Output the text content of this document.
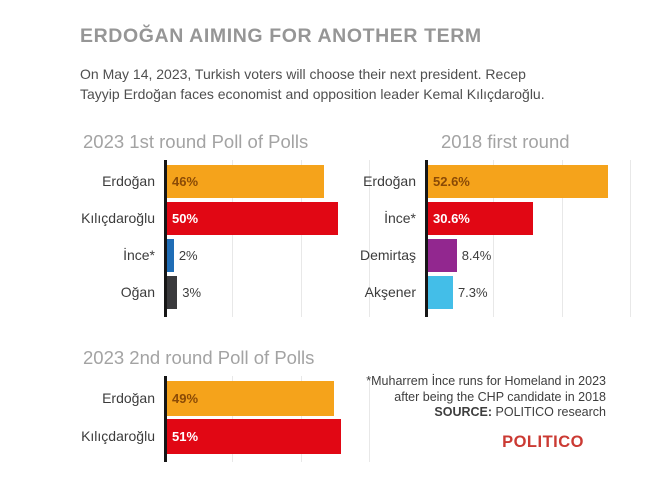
ERDOĞAN AIMING FOR ANOTHER TERM
On May 14, 2023, Turkish voters will choose their next president. Recep
Tayyip Erdoğan faces economist and opposition leader Kemal Kılıçdaroğlu.
2023 1st round Poll of Polls
Erdoğan	46%
Kılıçdaroğlu	50%
İnce*	2%
Oğan	3%
2018 first round
Erdoğan	52.6%
İnce*	30.6%
Demirtaş	8.4%
Akşener	7.3%
2023 2nd round Poll of Polls
Erdoğan	49%
Kılıçdaroğlu	51%
*Muharrem İnce runs for Homeland in 2023
after being the CHP candidate in 2018
SOURCE: POLITICO research
POLITICO
